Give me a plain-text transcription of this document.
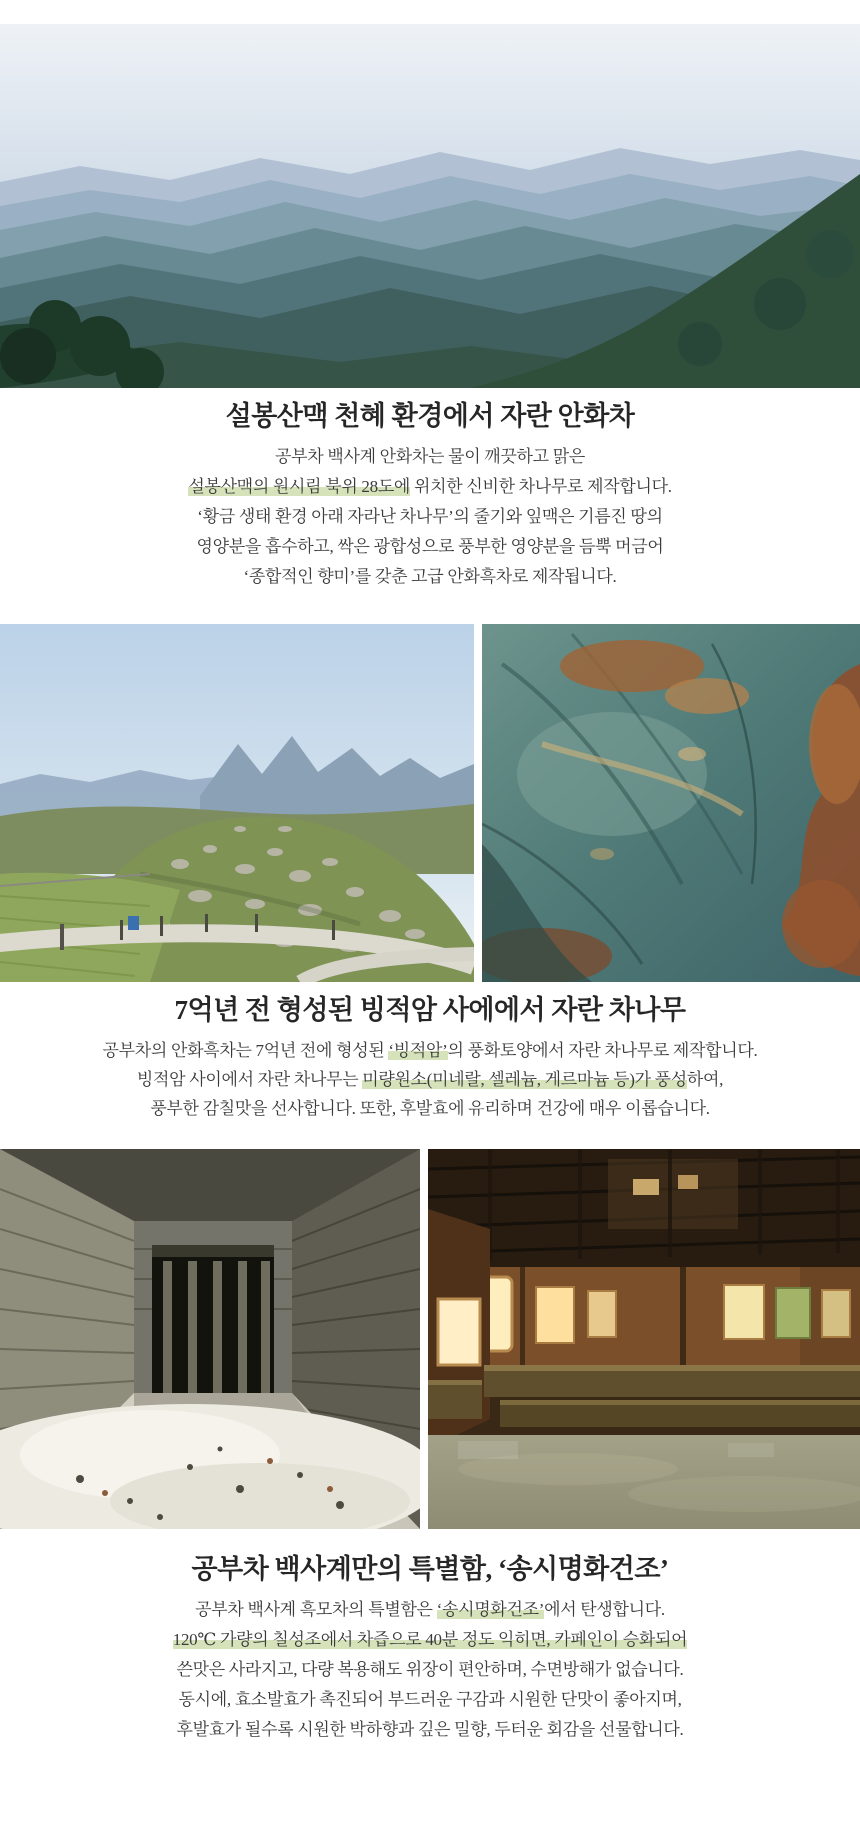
설봉산맥 천혜 환경에서 자란 안화차
공부차 백사계 안화차는 물이 깨끗하고 맑은
설봉산맥의 원시림 북위 28도에 위치한 신비한 차나무로 제작합니다.
‘황금 생태 환경 아래 자라난 차나무’의 줄기와 잎맥은 기름진 땅의
영양분을 흡수하고, 싹은 광합성으로 풍부한 영양분을 듬뿍 머금어
‘종합적인 향미’를 갖춘 고급 안화흑차로 제작됩니다.
7억년 전 형성된 빙적암 사에에서 자란 차나무
공부차의 안화흑차는 7억년 전에 형성된 ‘빙적암’의 풍화토양에서 자란 차나무로 제작합니다.
빙적암 사이에서 자란 차나무는 미량원소(미네랄, 셀레늄, 게르마늄 등)가 풍성하여,
풍부한 감칠맛을 선사합니다. 또한, 후발효에 유리하며 건강에 매우 이롭습니다.
공부차 백사계만의 특별함, ‘송시명화건조’
공부차 백사계 흑모차의 특별함은 ‘송시명화건조’에서 탄생합니다.
120℃ 가량의 칠성조에서 차즙으로 40분 정도 익히면, 카페인이 승화되어
쓴맛은 사라지고, 다량 복용해도 위장이 편안하며, 수면방해가 없습니다.
동시에, 효소발효가 촉진되어 부드러운 구감과 시원한 단맛이 좋아지며,
후발효가 될수록 시원한 박하향과 깊은 밀향, 두터운 회감을 선물합니다.
